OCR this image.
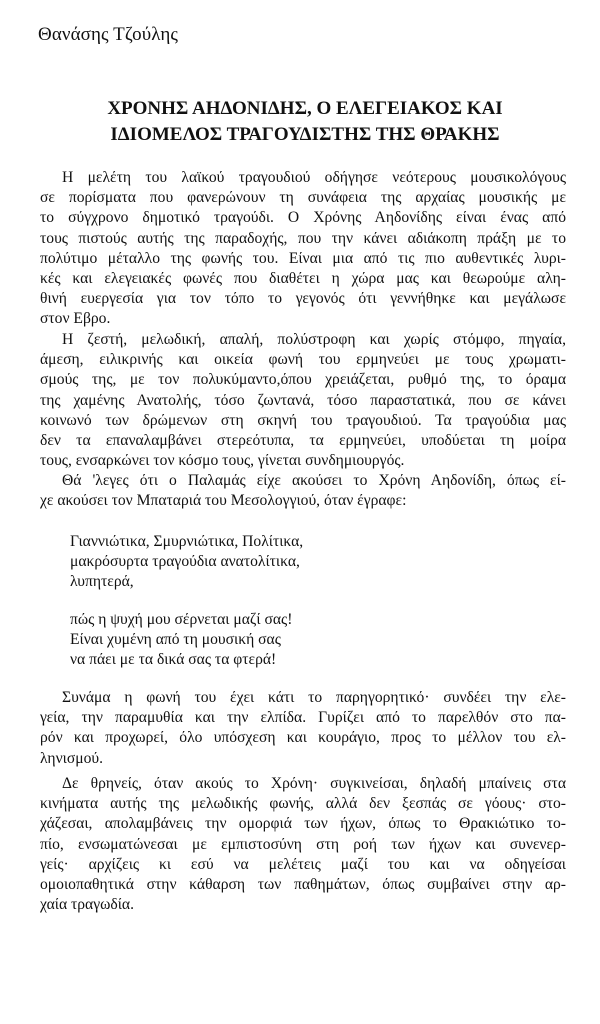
Θανάσης Τζούλης
ΧΡΟΝΗΣ ΑΗΔΟΝΙΔΗΣ, Ο ΕΛΕΓΕΙΑΚΟΣ ΚΑΙ
ΙΔΙΟΜΕΛΟΣ ΤΡΑΓΟΥΔΙΣΤΗΣ ΤΗΣ ΘΡΑΚΗΣ
Η μελέτη του λαϊκού τραγουδιού οδήγησε νεότερους μουσικολόγους
σε πορίσματα που φανερώνουν τη συνάφεια της αρχαίας μουσικής με
το σύγχρονο δημοτικό τραγούδι. Ο Χρόνης Αηδονίδης είναι ένας από
τους πιστούς αυτής της παραδοχής, που την κάνει αδιάκοπη πράξη με το
πολύτιμο μέταλλο της φωνής του. Είναι μια από τις πιο αυθεντικές λυρι-
κές και ελεγειακές φωνές που διαθέτει η χώρα μας και θεωρούμε αλη-
θινή ευεργεσία για τον τόπο το γεγονός ότι γεννήθηκε και μεγάλωσε
στον Εβρο.
Η ζεστή, μελωδική, απαλή, πολύστροφη και χωρίς στόμφο, πηγαία,
άμεση, ειλικρινής και οικεία φωνή του ερμηνεύει με τους χρωματι-
σμούς της, με τον πολυκύμαντο,όπου χρειάζεται, ρυθμό της, το όραμα
της χαμένης Ανατολής, τόσο ζωντανά, τόσο παραστατικά, που σε κάνει
κοινωνό των δρώμενων στη σκηνή του τραγουδιού. Τα τραγούδια μας
δεν τα επαναλαμβάνει στερεότυπα, τα ερμηνεύει, υποδύεται τη μοίρα
τους, ενσαρκώνει τον κόσμο τους, γίνεται συνδημιουργός.
Θά 'λεγες ότι ο Παλαμάς είχε ακούσει το Χρόνη Αηδονίδη, όπως εί-
χε ακούσει τον Μπαταριά του Μεσολογγιού, όταν έγραφε:
Γιαννιώτικα, Σμυρνιώτικα, Πολίτικα,
μακρόσυρτα τραγούδια ανατολίτικα,
λυπητερά,
πώς η ψυχή μου σέρνεται μαζί σας!
Είναι χυμένη από τη μουσική σας
να πάει με τα δικά σας τα φτερά!
Συνάμα η φωνή του έχει κάτι το παρηγορητικό· συνδέει την ελε-
γεία, την παραμυθία και την ελπίδα. Γυρίζει από το παρελθόν στο πα-
ρόν και προχωρεί, όλο υπόσχεση και κουράγιο, προς το μέλλον του ελ-
ληνισμού.
Δε θρηνείς, όταν ακούς το Χρόνη· συγκινείσαι, δηλαδή μπαίνεις στα
κινήματα αυτής της μελωδικής φωνής, αλλά δεν ξεσπάς σε γόους· στο-
χάζεσαι, απολαμβάνεις την ομορφιά των ήχων, όπως το Θρακιώτικο το-
πίο, ενσωματώνεσαι με εμπιστοσύνη στη ροή των ήχων και συνενερ-
γείς· αρχίζεις κι εσύ να μελέτεις μαζί του και να οδηγείσαι
ομοιοπαθητικά στην κάθαρση των παθημάτων, όπως συμβαίνει στην αρ-
χαία τραγωδία.
